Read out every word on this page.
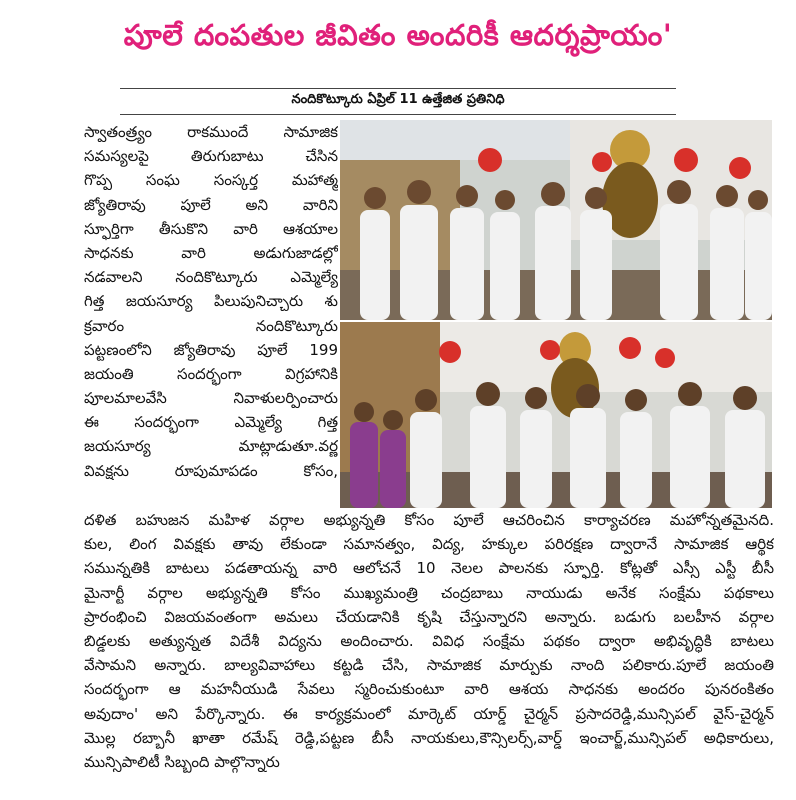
పూలే దంపతుల జీవితం అందరికీ ఆదర్శప్రాయం'
నందికొట్కూరు ఏప్రిల్ 11 ఉత్తేజిత ప్రతినిధి
స్వాతంత్ర్యం రాకముందే సామాజిక
సమస్యలపై తిరుగుబాటు చేసిన
గొప్ప సంఘ సంస్కర్త మహాత్మ
జ్యోతిరావు పూలే అని వారిని
స్ఫూర్తిగా తీసుకొని వారి ఆశయాల
సాధనకు వారి అడుగుజాడల్లో
నడవాలని నందికొట్కూరు ఎమ్మెల్యే
గిత్త జయసూర్య పిలుపునిచ్చారు శు
క్రవారం నందికొట్కూరు
పట్టణంలోని జ్యోతిరావు పూలే 199
జయంతి సందర్భంగా విగ్రహానికి
పూలమాలవేసి నివాళులర్పించారు
ఈ సందర్భంగా ఎమ్మెల్యే గిత్త
జయసూర్య మాట్లాడుతూ.వర్ణ
వివక్షను రూపుమాపడం కోసం,
దళిత బహుజన మహిళ వర్గాల అభ్యున్నతి కోసం పూలే ఆచరించిన కార్యాచరణ మహోన్నతమైనది.
కుల, లింగ వివక్షకు తావు లేకుండా సమానత్వం, విద్య, హక్కుల పరిరక్షణ ద్వారానే సామాజిక ఆర్థిక
సమున్నతికి బాటలు పడతాయన్న వారి ఆలోచనే 10 నెలల పాలనకు స్ఫూర్తి. కోట్లతో ఎస్సీ ఎస్టీ బీసీ
మైనార్టీ వర్గాల అభ్యున్నతి కోసం ముఖ్యమంత్రి చంద్రబాబు నాయుడు అనేక సంక్షేమ పథకాలు
ప్రారంభించి విజయవంతంగా అమలు చేయడానికి కృషి చేస్తున్నారని అన్నారు. బడుగు బలహీన వర్గాల
బిడ్డలకు అత్యున్నత విదేశీ విద్యను అందించారు. వివిధ సంక్షేమ పథకం ద్వారా అభివృద్ధికి బాటలు
వేసామని అన్నారు. బాల్యవివాహాలు కట్టడి చేసి, సామాజిక మార్పుకు నాంది పలికారు.పూలే జయంతి
సందర్భంగా ఆ మహనీయుడి సేవలు స్మరించుకుంటూ వారి ఆశయ సాధనకు అందరం పునరంకితం
అవుదాం' అని పేర్కొన్నారు. ఈ కార్యక్రమంలో మార్కెట్ యార్డ్ చైర్మన్ ప్రసాదరెడ్డి,మున్సిపల్ వైస్-చైర్మన్
మొల్ల రబ్బానీ ఖాతా రమేష్ రెడ్డి,పట్టణ బీసీ నాయకులు,కౌన్సిలర్స్,వార్డ్ ఇంచార్జ్,మున్సిపల్ అధికారులు,
మున్సిపాలిటీ సిబ్బంది పాల్గొన్నారు
